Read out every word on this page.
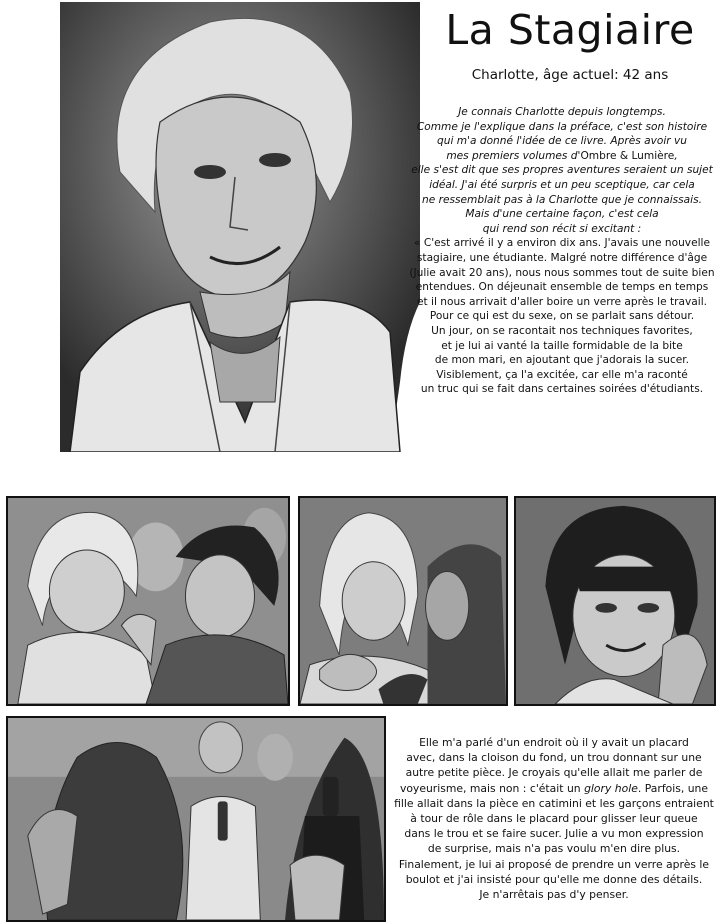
La Stagiaire
Charlotte, âge actuel: 42 ans
Je connais Charlotte depuis longtemps.
Comme je l'explique dans la préface, c'est son histoire
qui m'a donné l'idée de ce livre. Après avoir vu
mes premiers volumes d'Ombre & Lumière,
elle s'est dit que ses propres aventures seraient un sujet
idéal. J'ai été surpris et un peu sceptique, car cela
ne ressemblait pas à la Charlotte que je connaissais.
Mais d'une certaine façon, c'est cela
qui rend son récit si excitant :
« C'est arrivé il y a environ dix ans. J'avais une nouvelle
stagiaire, une étudiante. Malgré notre différence d'âge
(Julie avait 20 ans), nous nous sommes tout de suite bien
entendues. On déjeunait ensemble de temps en temps
et il nous arrivait d'aller boire un verre après le travail.
Pour ce qui est du sexe, on se parlait sans détour.
Un jour, on se racontait nos techniques favorites,
et je lui ai vanté la taille formidable de la bite
de mon mari, en ajoutant que j'adorais la sucer.
Visiblement, ça l'a excitée, car elle m'a raconté
un truc qui se fait dans certaines soirées d'étudiants.
Elle m'a parlé d'un endroit où il y avait un placard
avec, dans la cloison du fond, un trou donnant sur une
autre petite pièce. Je croyais qu'elle allait me parler de
voyeurisme, mais non : c'était un glory hole. Parfois, une
fille allait dans la pièce en catimini et les garçons entraient
à tour de rôle dans le placard pour glisser leur queue
dans le trou et se faire sucer. Julie a vu mon expression
de surprise, mais n'a pas voulu m'en dire plus.
Finalement, je lui ai proposé de prendre un verre après le
boulot et j'ai insisté pour qu'elle me donne des détails.
Je n'arrêtais pas d'y penser.
